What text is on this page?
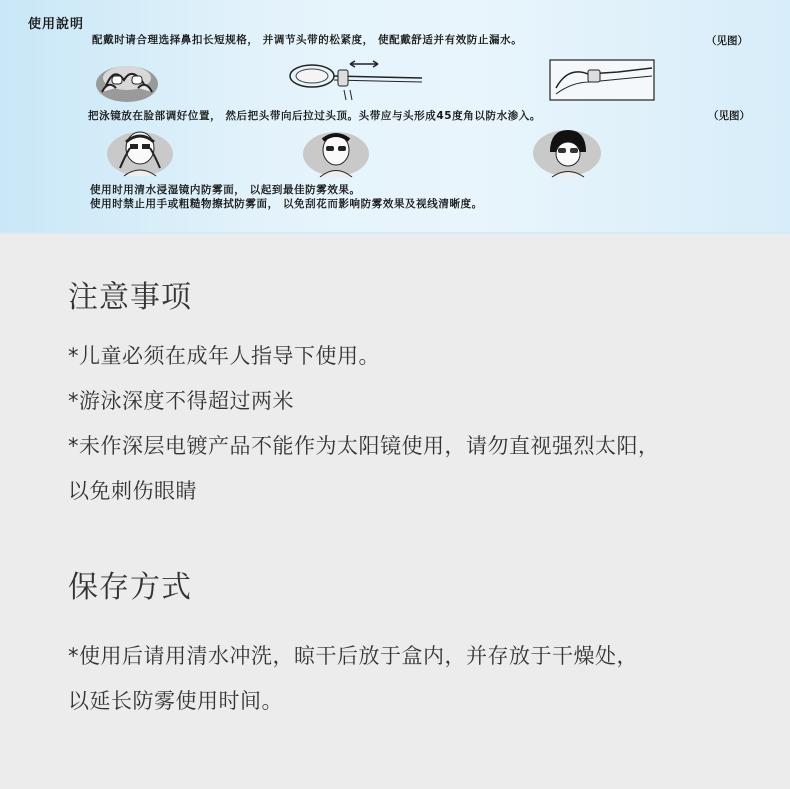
使用說明
配戴时请合理选择鼻扣长短规格， 并调节头带的松紧度， 使配戴舒适并有效防止漏水。	（见图）
把泳镜放在脸部调好位置， 然后把头带向后拉过头顶。头带应与头形成45度角以防水渗入。	（见图）
使用时用清水浸湿镜内防雾面， 以起到最佳防雾效果。
使用时禁止用手或粗糙物擦拭防雾面， 以免刮花而影响防雾效果及视线清晰度。
注意事项
*儿童必须在成年人指导下使用。
*游泳深度不得超过两米
*未作深层电镀产品不能作为太阳镜使用，请勿直视强烈太阳，
以免刺伤眼睛
保存方式
*使用后请用清水冲洗，晾干后放于盒内，并存放于干燥处，
以延长防雾使用时间。
